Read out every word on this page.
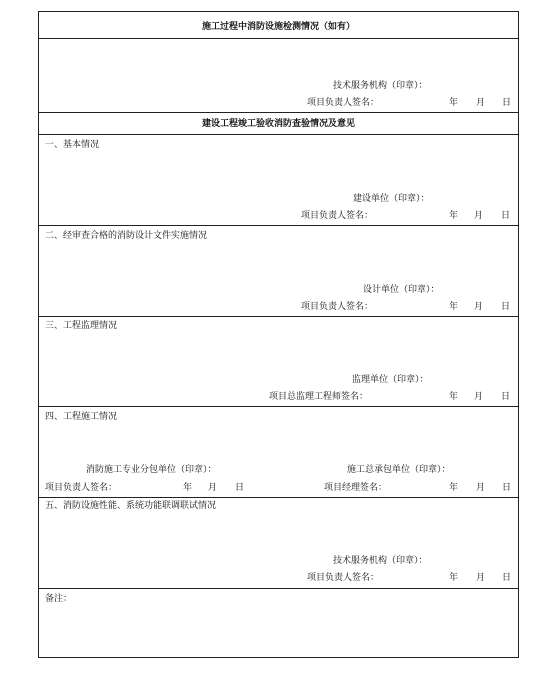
施工过程中消防设施检测情况（如有）
技术服务机构（印章）：
项目负责人签名：	年 月 日
建设工程竣工验收消防查验情况及意见
一、基本情况
建设单位（印章）：
项目负责人签名：	年 月 日
二、经审查合格的消防设计文件实施情况
设计单位（印章）：
项目负责人签名：	年 月 日
三、工程监理情况
监理单位（印章）：
项目总监理工程师签名：	年 月 日
四、工程施工情况
消防施工专业分包单位（印章）：	施工总承包单位（印章）：
项目负责人签名：	年 月 日	项目经理签名：	年 月 日
五、消防设施性能、系统功能联调联试情况
技术服务机构（印章）：
项目负责人签名：	年 月 日
备注：
